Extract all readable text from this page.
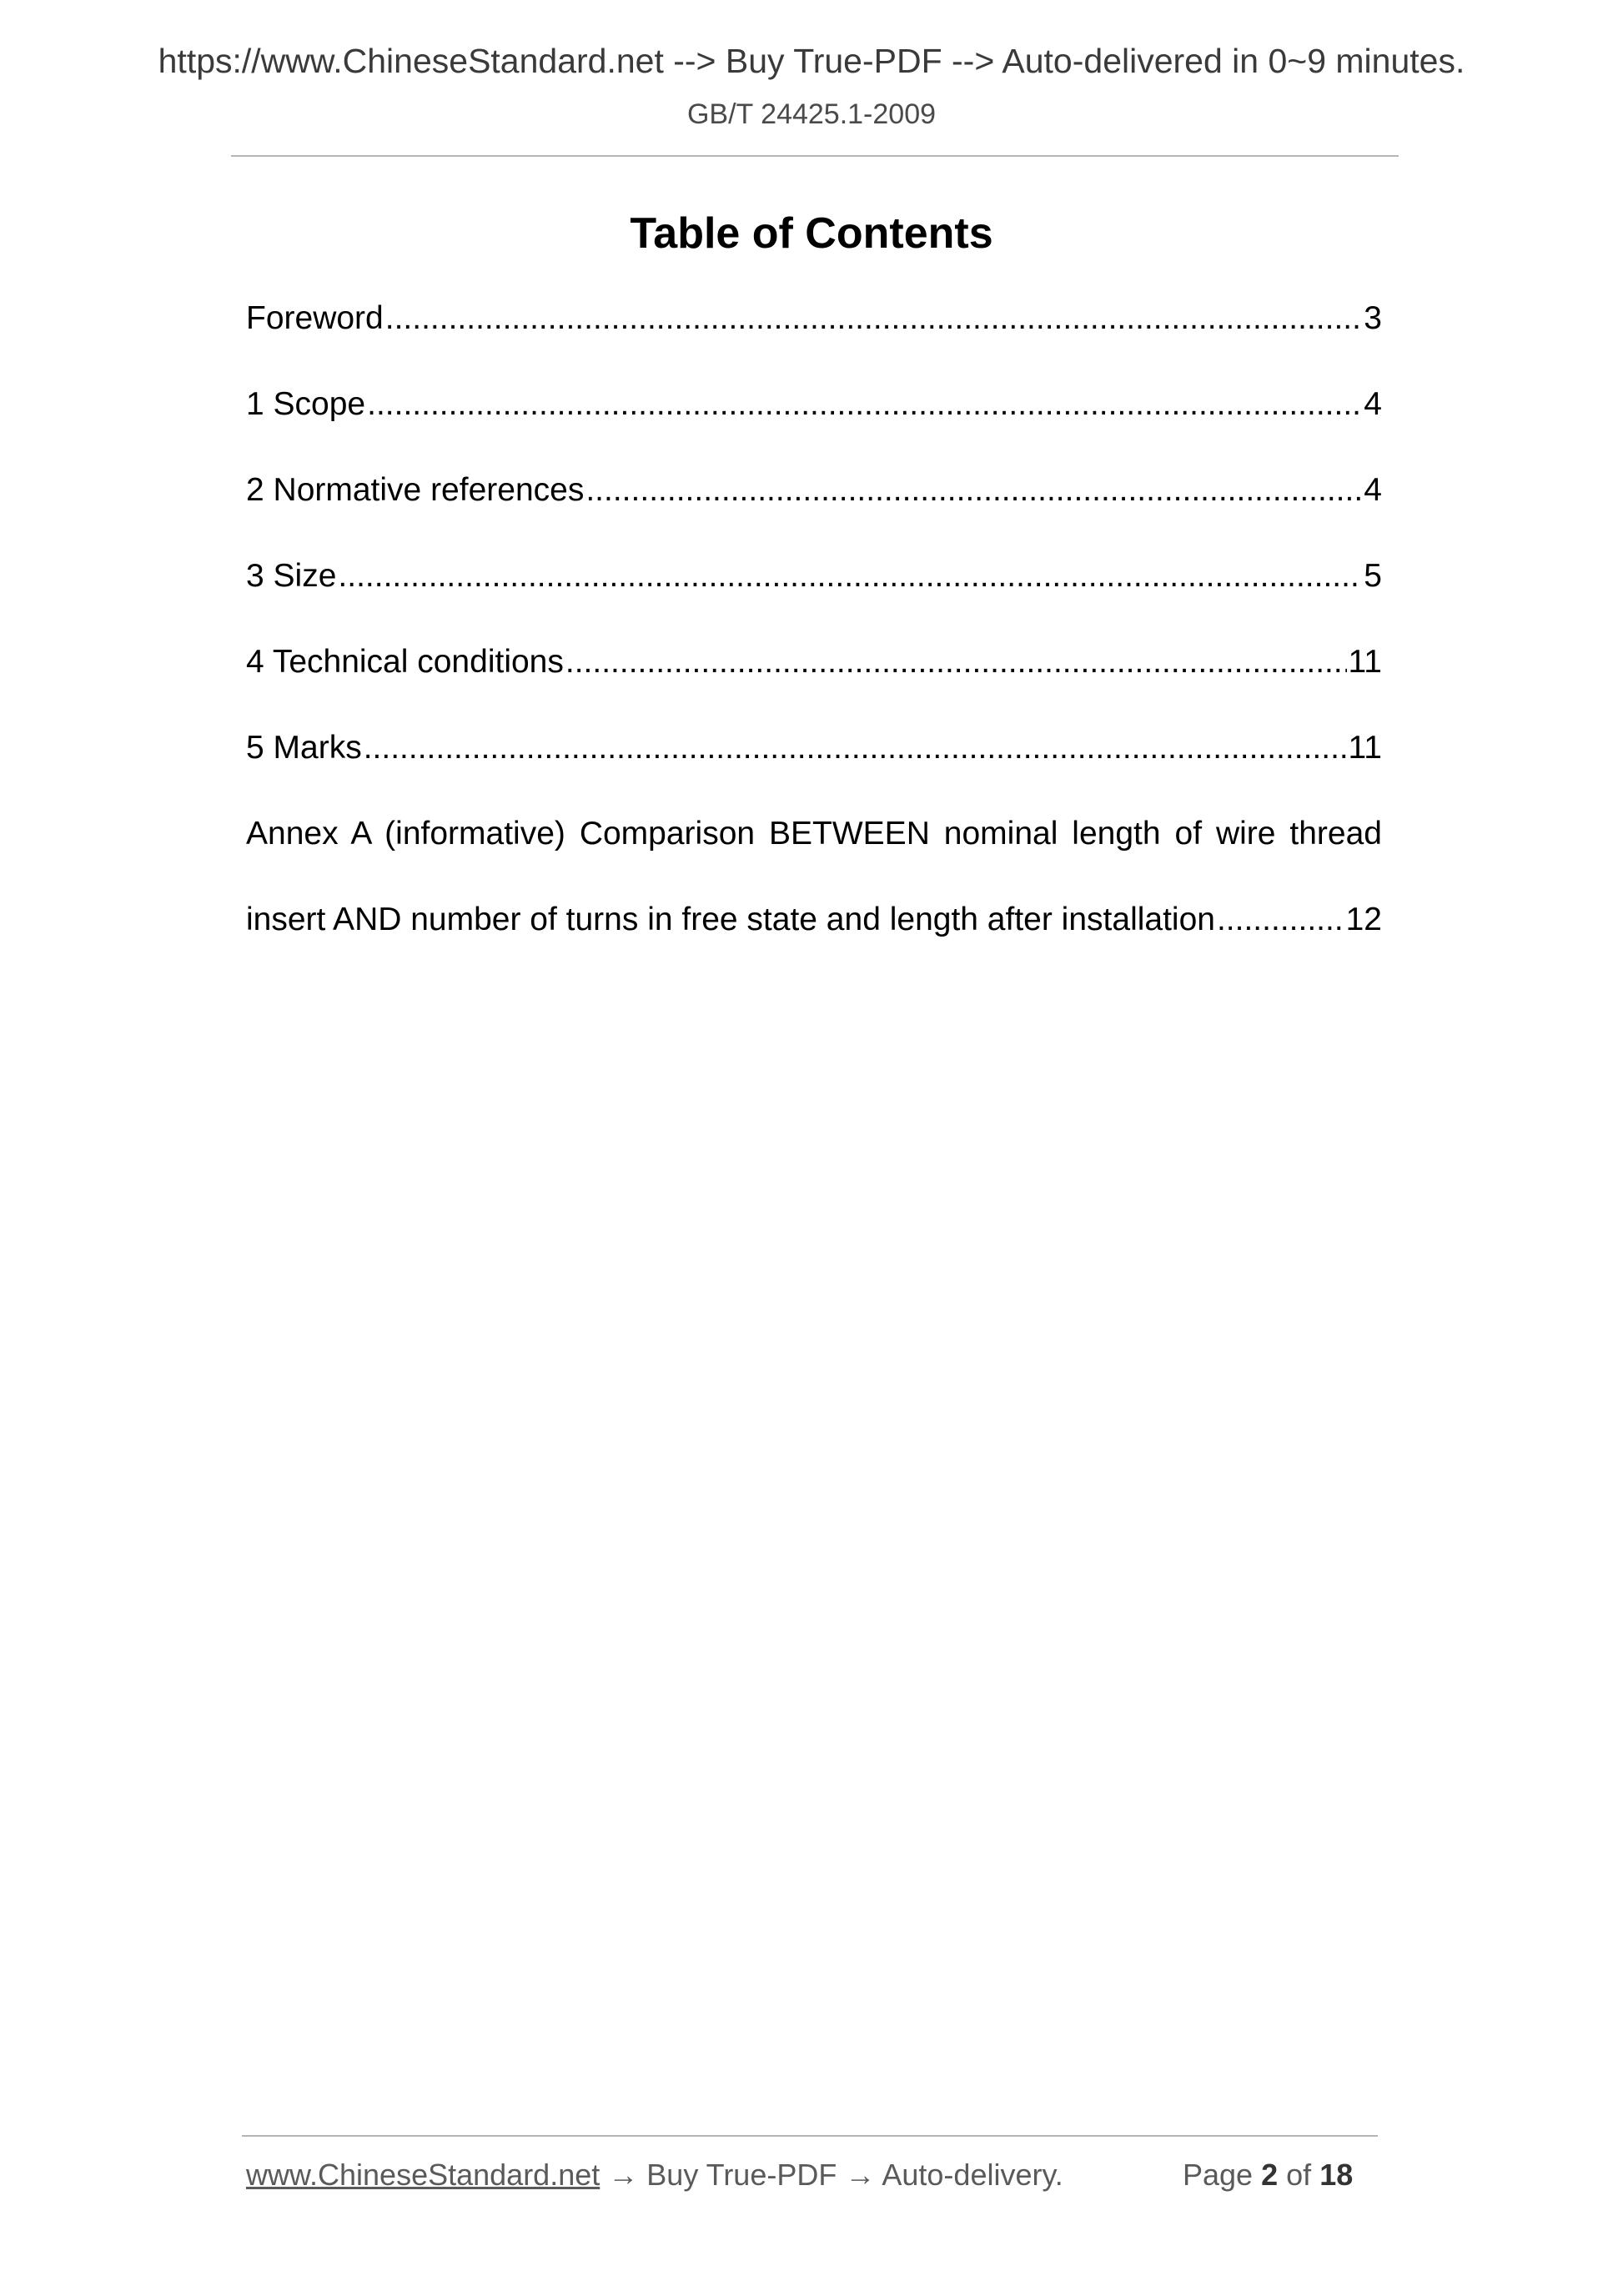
https://www.ChineseStandard.net --> Buy True-PDF --> Auto-delivered in 0~9 minutes.
GB/T 24425.1-2009
Table of Contents
Foreword .....	3
1 Scope .....	4
2 Normative references .....	4
3 Size .....	5
4 Technical conditions .....	11
5 Marks .....	11
Annex A (informative) Comparison BETWEEN nominal length of wire thread
insert AND number of turns in free state and length after installation .....	12
www.ChineseStandard.net → Buy True-PDF → Auto-delivery.	Page 2 of 18
